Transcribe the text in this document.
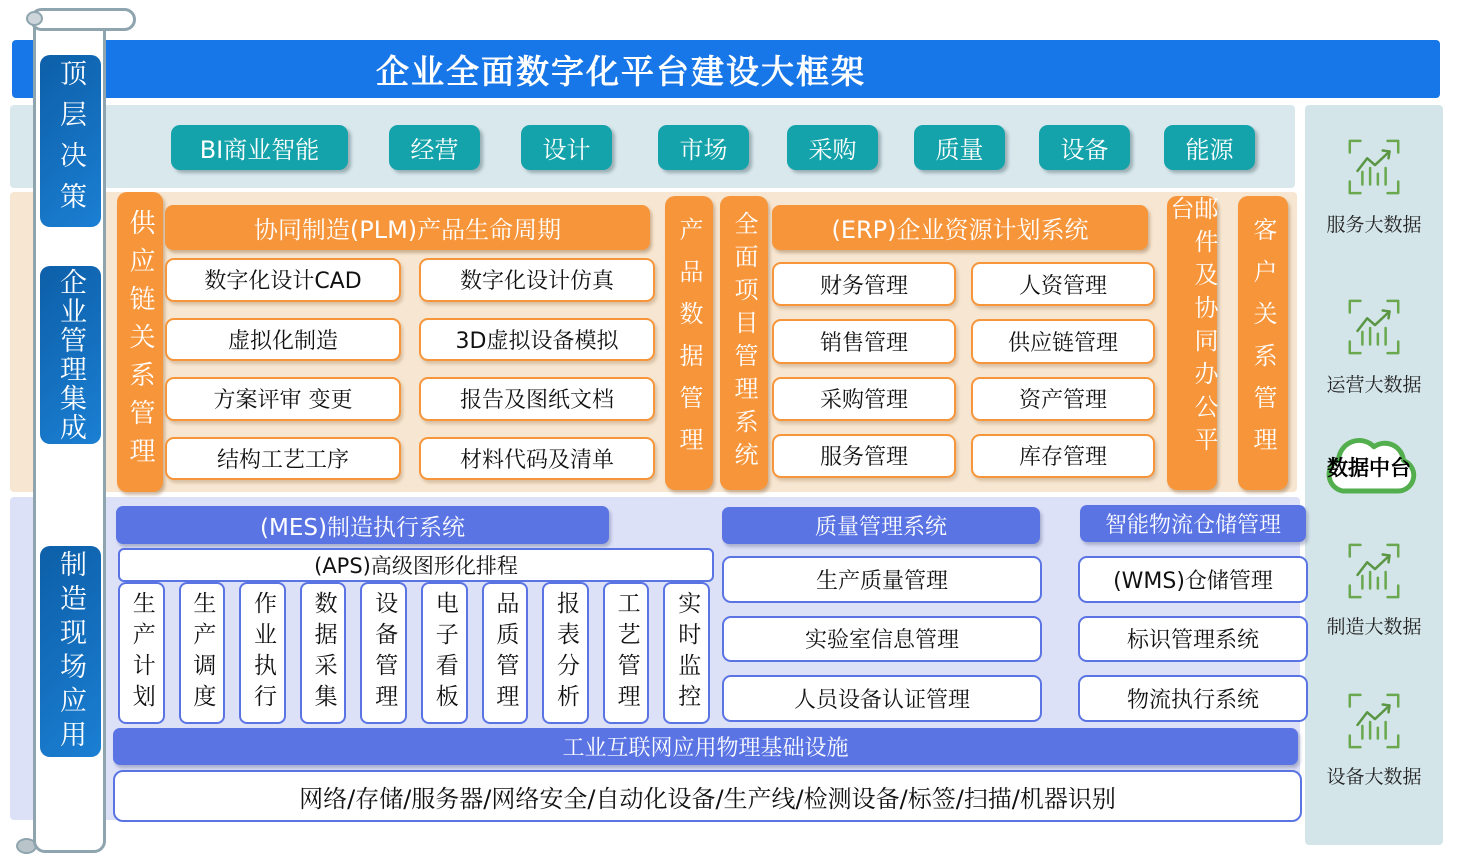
企业全面数字化平台建设大框架
顶层决策
企业管理集成
制造现场应用
BI商业智能	经营	设计	市场	采购	质量	设备	能源
供应链关系管理	协同制造(PLM)产品生命周期
数字化设计CAD	数字化设计仿真
虚拟化制造	3D虚拟设备模拟
方案评审 变更	报告及图纸文档
结构工艺工序	材料代码及清单	产品数据管理 全面项目管理系统	(ERP)企业资源计划系统
财务管理	人资管理
销售管理	供应链管理
采购管理	资产管理
服务管理	库存管理	邮件及协同办公平台
客户关系管理
(MES)制造执行系统
(APS)高级图形化排程
生产计划 生产调度 作业执行 数据采集 设备管理 电子看板 品质管理 报表分析 工艺管理 实时监控
质量管理系统
生产质量管理
实验室信息管理
人员设备认证管理
智能物流仓储管理
(WMS)仓储管理
标识管理系统
物流执行系统
工业互联网应用物理基础设施
网络/存储/服务器/网络安全/自动化设备/生产线/检测设备/标签/扫描/机器识别
服务大数据
运营大数据
数据中台
制造大数据
设备大数据
